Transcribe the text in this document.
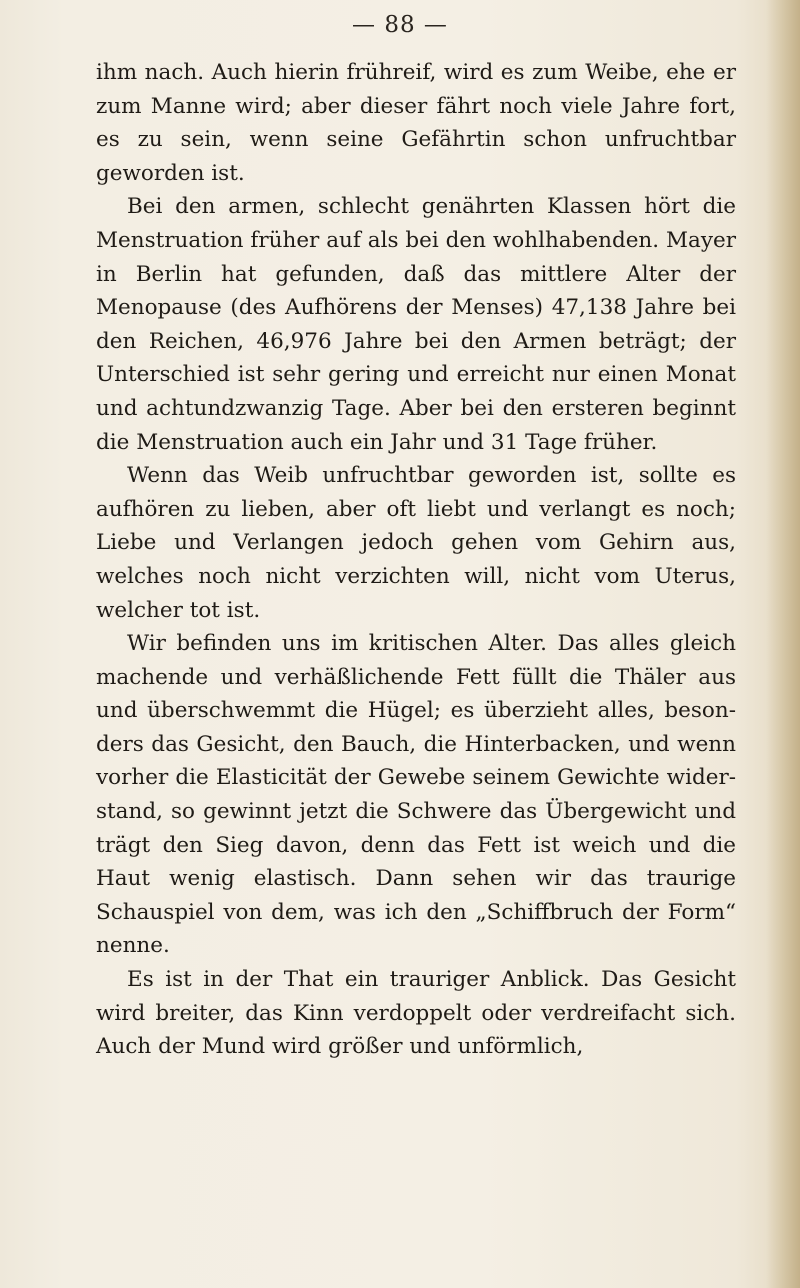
— 88 —

ihm nach. Auch hierin frühreif, wird es zum Weibe, ehe er zum Manne wird; aber dieser fährt noch viele Jahre fort, es zu sein, wenn seine Gefährtin schon unfruchtbar geworden ist.

Bei den armen, schlecht genährten Klassen hört die Menstruation früher auf als bei den wohlhabenden. Mayer in Berlin hat gefunden, daß das mittlere Alter der Menopause (des Aufhörens der Menses) 47,138 Jahre bei den Reichen, 46,976 Jahre bei den Armen beträgt; der Unterschied ist sehr gering und erreicht nur einen Monat und achtundzwanzig Tage. Aber bei den ersteren beginnt die Menstruation auch ein Jahr und 31 Tage früher.

Wenn das Weib unfruchtbar geworden ist, sollte es aufhören zu lieben, aber oft liebt und verlangt es noch; Liebe und Verlangen jedoch gehen vom Gehirn aus, welches noch nicht verzichten will, nicht vom Uterus, welcher tot ist.

Wir befinden uns im kritischen Alter. Das alles gleich machende und verhäßlichende Fett füllt die Thäler aus und überschwemmt die Hügel; es überzieht alles, besonders das Gesicht, den Bauch, die Hinterbacken, und wenn vorher die Elasticität der Gewebe seinem Gewichte widerstand, so gewinnt jetzt die Schwere das Übergewicht und trägt den Sieg davon, denn das Fett ist weich und die Haut wenig elastisch. Dann sehen wir das traurige Schauspiel von dem, was ich den „Schiffbruch der Form“ nenne.

Es ist in der That ein trauriger Anblick. Das Gesicht wird breiter, das Kinn verdoppelt oder verdreifacht sich. Auch der Mund wird größer und unförmlich,
